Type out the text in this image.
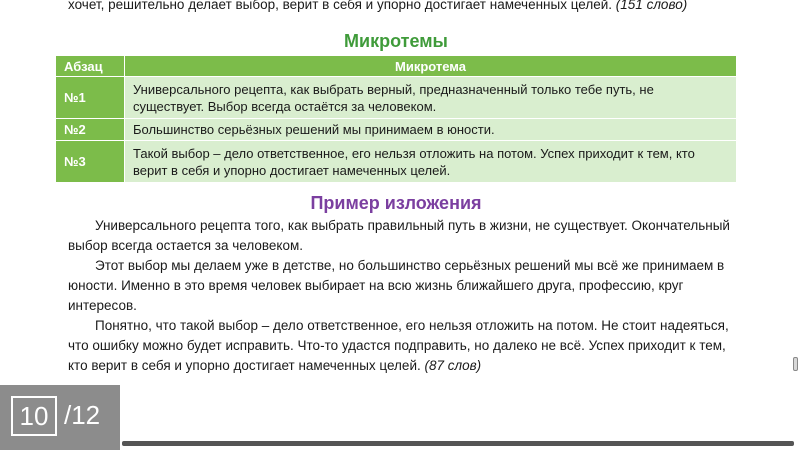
хочет, решительно делает выбор, верит в себя и упорно достигает намеченных целей. (151 слово)
Микротемы
Абзац	Микротема
№1	Универсального рецепта, как выбрать верный, предназначенный только тебе путь, не существует. Выбор всегда остаётся за человеком.
№2	Большинство серьёзных решений мы принимаем в юности.
№3	Такой выбор – дело ответственное, его нельзя отложить на потом. Успех приходит к тем, кто верит в себя и упорно достигает намеченных целей.
Пример изложения
Универсального рецепта того, как выбрать правильный путь в жизни, не существует. Окончательный выбор всегда остается за человеком.
Этот выбор мы делаем уже в детстве, но большинство серьёзных решений мы всё же принимаем в юности. Именно в это время человек выбирает на всю жизнь ближайшего друга, профессию, круг интересов.
Понятно, что такой выбор – дело ответственное, его нельзя отложить на потом. Не стоит надеяться, что ошибку можно будет исправить. Что-то удастся подправить, но далеко не всё. Успех приходит к тем, кто верит в себя и упорно достигает намеченных целей. (87 слов)
10 /12
